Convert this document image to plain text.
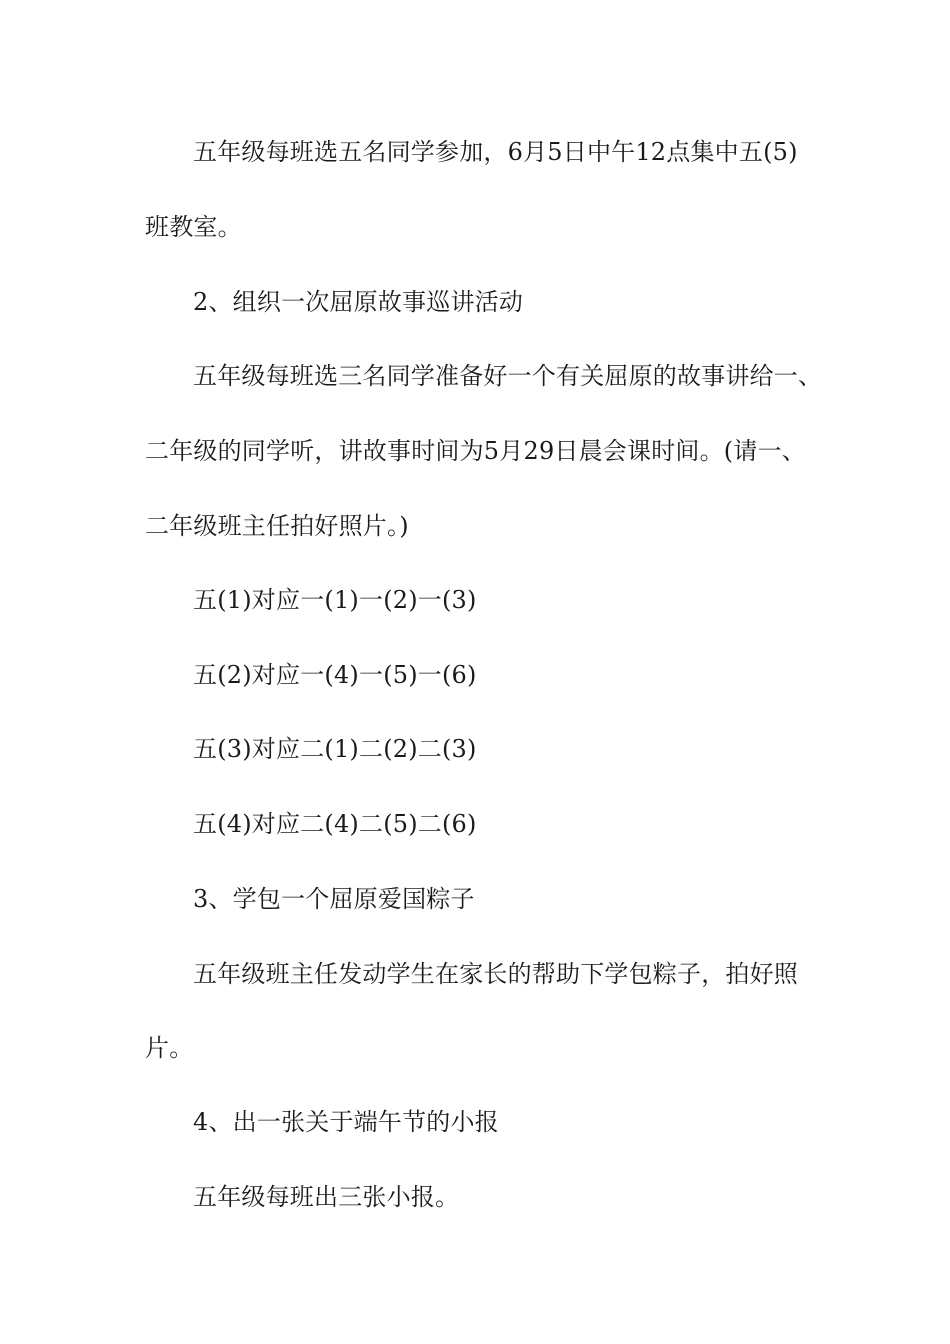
五年级每班选五名同学参加，6月5日中午12点集中五(5)
班教室。
2、组织一次屈原故事巡讲活动
五年级每班选三名同学准备好一个有关屈原的故事讲给一、
二年级的同学听，讲故事时间为5月29日晨会课时间。(请一、
二年级班主任拍好照片。)
五(1)对应一(1)一(2)一(3)
五(2)对应一(4)一(5)一(6)
五(3)对应二(1)二(2)二(3)
五(4)对应二(4)二(5)二(6)
3、学包一个屈原爱国粽子
五年级班主任发动学生在家长的帮助下学包粽子，拍好照
片。
4、出一张关于端午节的小报
五年级每班出三张小报。
